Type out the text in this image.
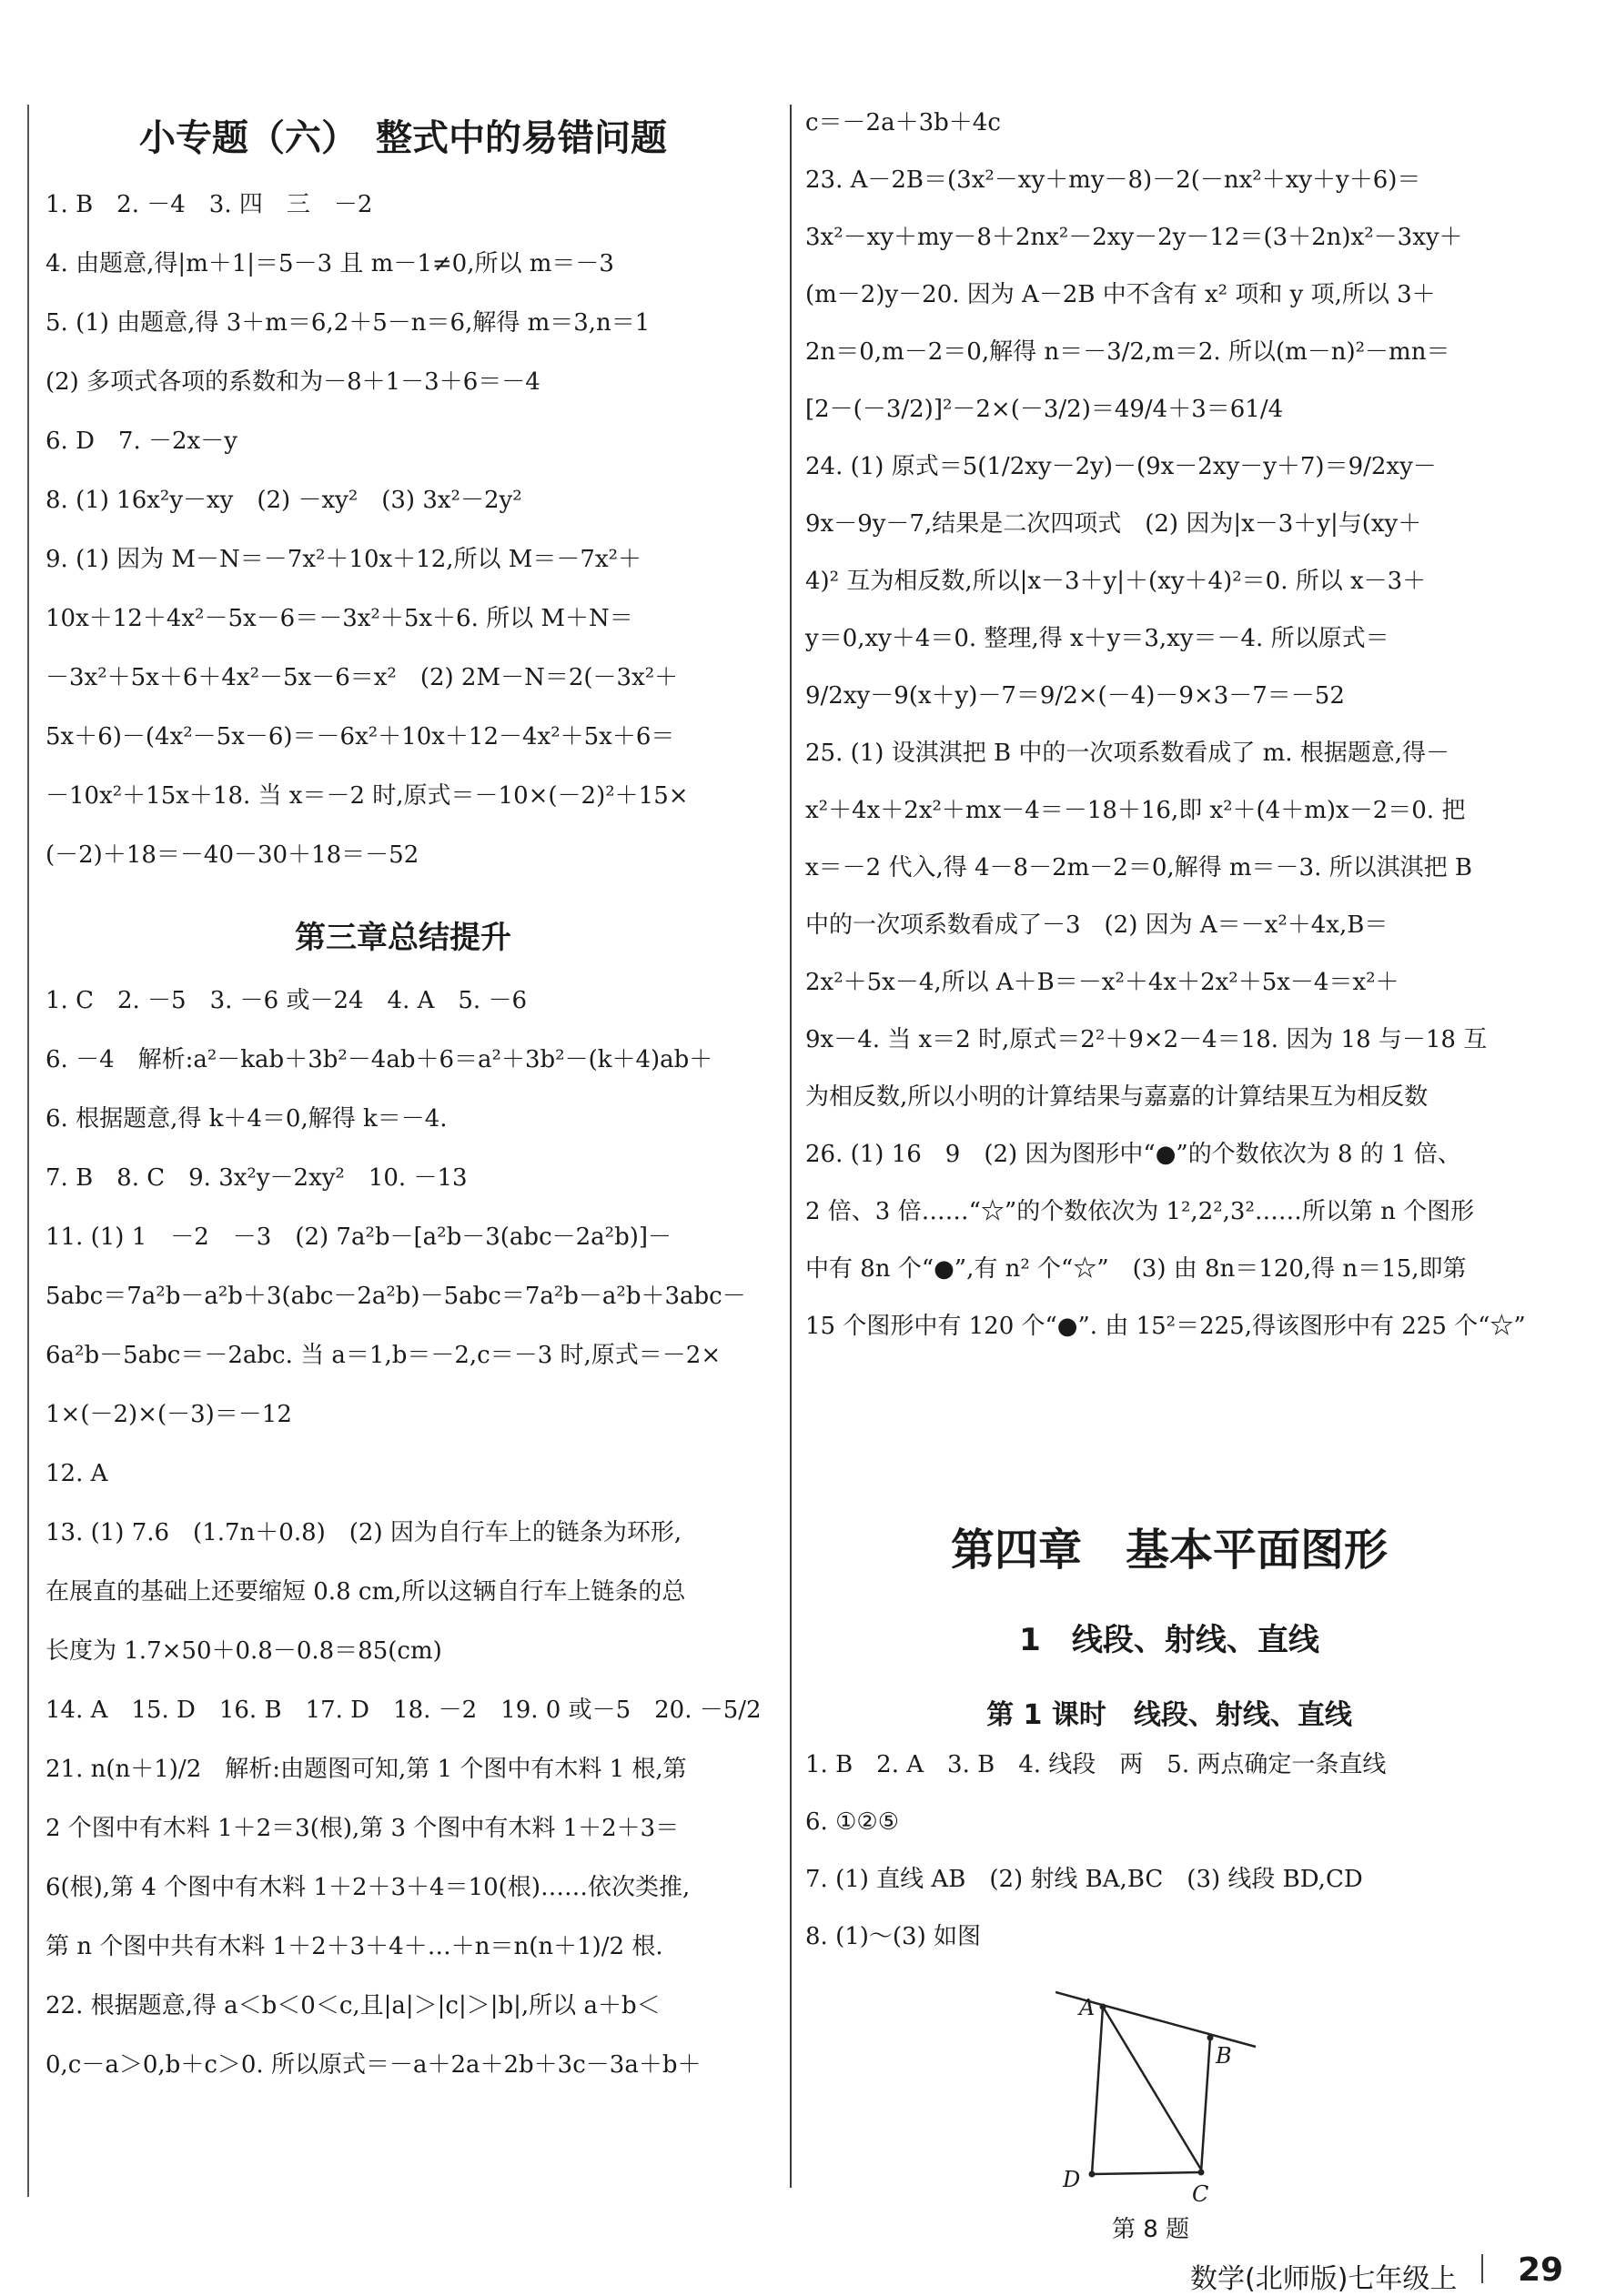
小专题（六）　整式中的易错问题
1. B　2. －4　3. 四　三　－2
4. 由题意,得|m＋1|＝5－3 且 m－1≠0,所以 m＝－3
5. (1) 由题意,得 3＋m＝6,2＋5－n＝6,解得 m＝3,n＝1
(2) 多项式各项的系数和为－8＋1－3＋6＝－4
6. D　7. －2x－y
8. (1) 16x²y－xy　(2) －xy²　(3) 3x²－2y²
9. (1) 因为 M－N＝－7x²＋10x＋12,所以 M＝－7x²＋
10x＋12＋4x²－5x－6＝－3x²＋5x＋6. 所以 M＋N＝
－3x²＋5x＋6＋4x²－5x－6＝x²　(2) 2M－N＝2(－3x²＋
5x＋6)－(4x²－5x－6)＝－6x²＋10x＋12－4x²＋5x＋6＝
－10x²＋15x＋18. 当 x＝－2 时,原式＝－10×(－2)²＋15×
(－2)＋18＝－40－30＋18＝－52
第三章总结提升
1. C　2. －5　3. －6 或－24　4. A　5. －6
6. －4　解析:a²－kab＋3b²－4ab＋6＝a²＋3b²－(k＋4)ab＋
6. 根据题意,得 k＋4＝0,解得 k＝－4.
7. B　8. C　9. 3x²y－2xy²　10. －13
11. (1) 1　－2　－3　(2) 7a²b－[a²b－3(abc－2a²b)]－
5abc＝7a²b－a²b＋3(abc－2a²b)－5abc＝7a²b－a²b＋3abc－
6a²b－5abc＝－2abc. 当 a＝1,b＝－2,c＝－3 时,原式＝－2×
1×(－2)×(－3)＝－12
12. A
13. (1) 7.6　(1.7n＋0.8)　(2) 因为自行车上的链条为环形,
在展直的基础上还要缩短 0.8 cm,所以这辆自行车上链条的总
长度为 1.7×50＋0.8－0.8＝85(cm)
14. A　15. D　16. B　17. D　18. －2　19. 0 或－5　20. －5/2
21. n(n＋1)/2　解析:由题图可知,第 1 个图中有木料 1 根,第
2 个图中有木料 1＋2＝3(根),第 3 个图中有木料 1＋2＋3＝
6(根),第 4 个图中有木料 1＋2＋3＋4＝10(根)……依次类推,
第 n 个图中共有木料 1＋2＋3＋4＋…＋n＝n(n＋1)/2 根.
22. 根据题意,得 a＜b＜0＜c,且|a|＞|c|＞|b|,所以 a＋b＜
0,c－a＞0,b＋c＞0. 所以原式＝－a＋2a＋2b＋3c－3a＋b＋
c＝－2a＋3b＋4c
23. A－2B＝(3x²－xy＋my－8)－2(－nx²＋xy＋y＋6)＝
3x²－xy＋my－8＋2nx²－2xy－2y－12＝(3＋2n)x²－3xy＋
(m－2)y－20. 因为 A－2B 中不含有 x² 项和 y 项,所以 3＋
2n＝0,m－2＝0,解得 n＝－3/2,m＝2. 所以(m－n)²－mn＝
[2－(－3/2)]²－2×(－3/2)＝49/4＋3＝61/4
24. (1) 原式＝5(1/2xy－2y)－(9x－2xy－y＋7)＝9/2xy－
9x－9y－7,结果是二次四项式　(2) 因为|x－3＋y|与(xy＋
4)² 互为相反数,所以|x－3＋y|＋(xy＋4)²＝0. 所以 x－3＋
y＝0,xy＋4＝0. 整理,得 x＋y＝3,xy＝－4. 所以原式＝
9/2xy－9(x＋y)－7＝9/2×(－4)－9×3－7＝－52
25. (1) 设淇淇把 B 中的一次项系数看成了 m. 根据题意,得－
x²＋4x＋2x²＋mx－4＝－18＋16,即 x²＋(4＋m)x－2＝0. 把
x＝－2 代入,得 4－8－2m－2＝0,解得 m＝－3. 所以淇淇把 B
中的一次项系数看成了－3　(2) 因为 A＝－x²＋4x,B＝
2x²＋5x－4,所以 A＋B＝－x²＋4x＋2x²＋5x－4＝x²＋
9x－4. 当 x＝2 时,原式＝2²＋9×2－4＝18. 因为 18 与－18 互
为相反数,所以小明的计算结果与嘉嘉的计算结果互为相反数
26. (1) 16　9　(2) 因为图形中“●”的个数依次为 8 的 1 倍、
2 倍、3 倍……“☆”的个数依次为 1²,2²,3²……所以第 n 个图形
中有 8n 个“●”,有 n² 个“☆”　(3) 由 8n＝120,得 n＝15,即第
15 个图形中有 120 个“●”. 由 15²＝225,得该图形中有 225 个“☆”
第四章　基本平面图形
1　线段、射线、直线
第 1 课时　线段、射线、直线
1. B　2. A　3. B　4. 线段　两　5. 两点确定一条直线
6. ①②⑤
7. (1) 直线 AB　(2) 射线 BA,BC　(3) 线段 BD,CD
8. (1)～(3) 如图
A
B
C
D
第 8 题
数学(北师版)七年级上 29
